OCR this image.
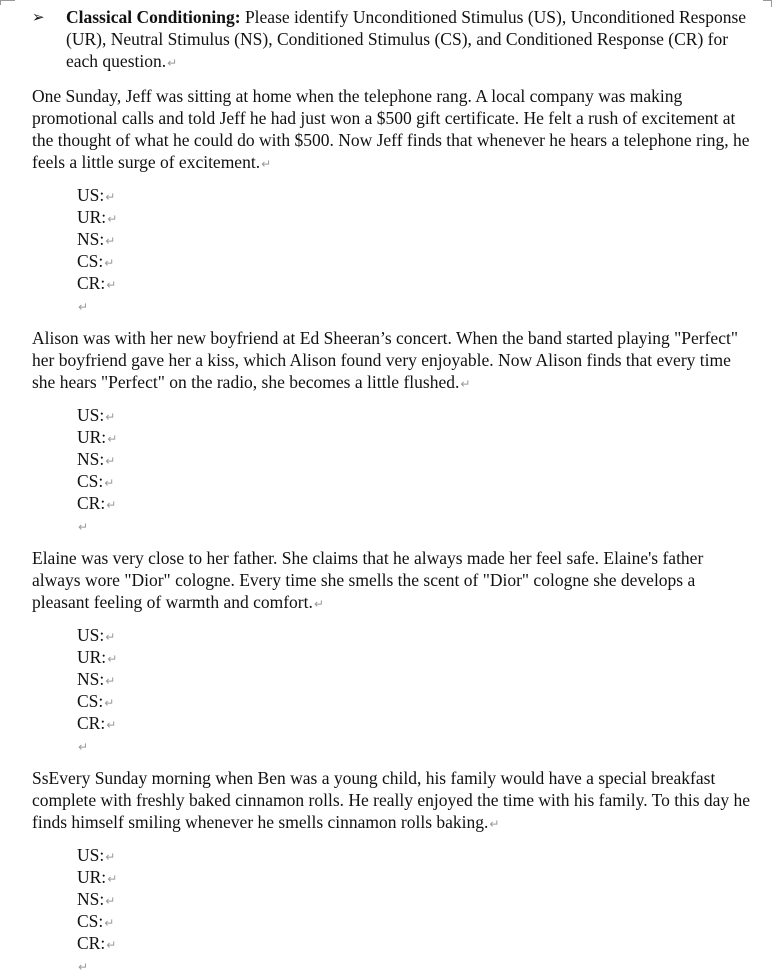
➢ Classical Conditioning: Please identify Unconditioned Stimulus (US), Unconditioned Response (UR), Neutral Stimulus (NS), Conditioned Stimulus (CS), and Conditioned Response (CR) for each question.↵
One Sunday, Jeff was sitting at home when the telephone rang. A local company was making promotional calls and told Jeff he had just won a $500 gift certificate. He felt a rush of excitement at the thought of what he could do with $500. Now Jeff finds that whenever he hears a telephone ring, he feels a little surge of excitement.↵
US:↵
UR:↵
NS:↵
CS:↵
CR:↵
↵
Alison was with her new boyfriend at Ed Sheeran’s concert. When the band started playing "Perfect" her boyfriend gave her a kiss, which Alison found very enjoyable. Now Alison finds that every time she hears "Perfect" on the radio, she becomes a little flushed.↵
US:↵
UR:↵
NS:↵
CS:↵
CR:↵
↵
Elaine was very close to her father. She claims that he always made her feel safe. Elaine's father always wore "Dior" cologne. Every time she smells the scent of "Dior" cologne she develops a pleasant feeling of warmth and comfort.↵
US:↵
UR:↵
NS:↵
CS:↵
CR:↵
↵
SsEvery Sunday morning when Ben was a young child, his family would have a special breakfast complete with freshly baked cinnamon rolls. He really enjoyed the time with his family. To this day he finds himself smiling whenever he smells cinnamon rolls baking.↵
US:↵
UR:↵
NS:↵
CS:↵
CR:↵
↵
